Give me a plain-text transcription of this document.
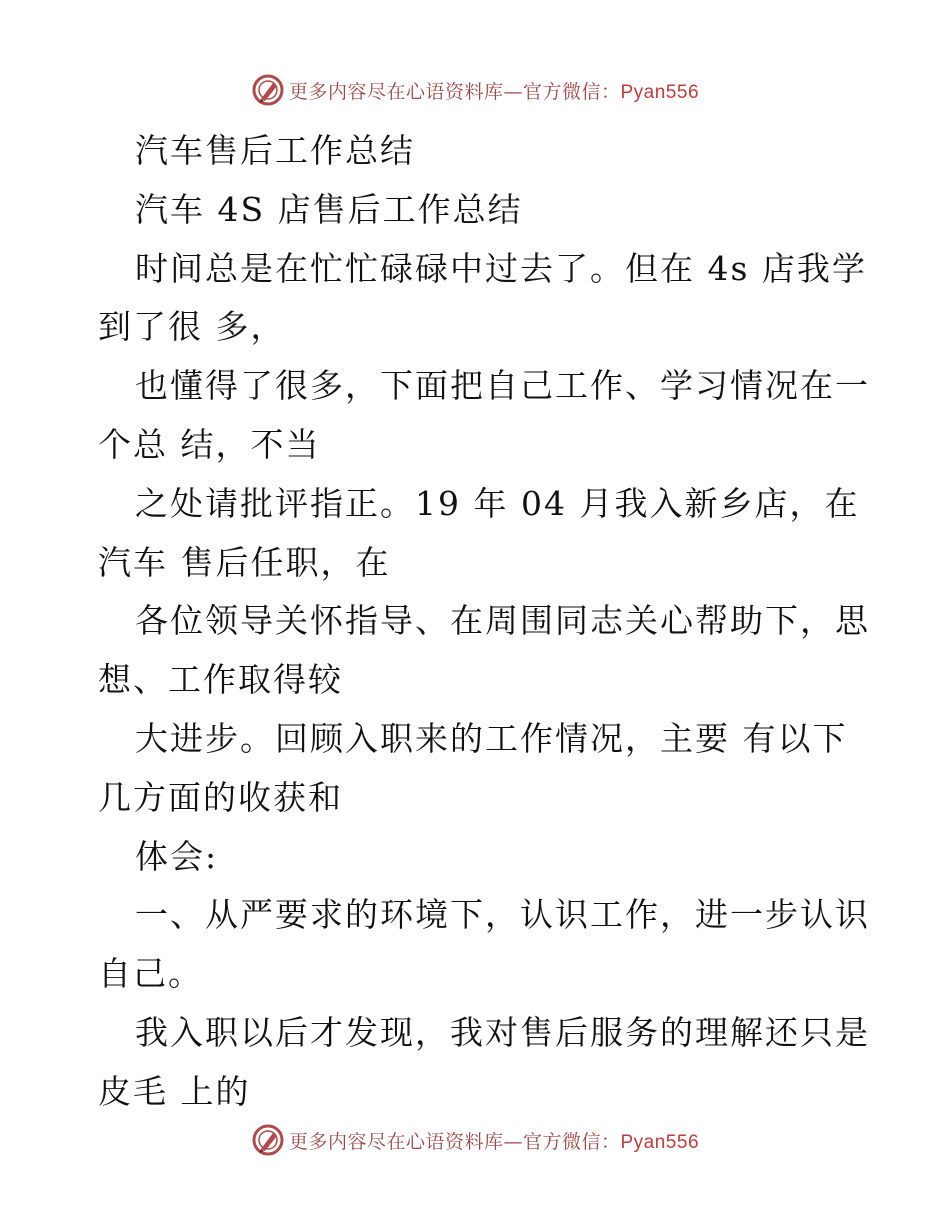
更多内容尽在心语资料库—官方微信：Pyan556
汽车售后工作总结
汽车 4S 店售后工作总结
时间总是在忙忙碌碌中过去了。但在 4s 店我学
到了很 多，
也懂得了很多，下面把自己工作、学习情况在一
个总 结，不当
之处请批评指正。19 年 04 月我入新乡店，在
汽车 售后任职，在
各位领导关怀指导、在周围同志关心帮助下，思
想、工作取得较
大进步。回顾入职来的工作情况，主要 有以下
几方面的收获和
体会:
一、从严要求的环境下，认识工作，进一步认识
自己。
我入职以后才发现，我对售后服务的理解还只是
皮毛 上的
更多内容尽在心语资料库—官方微信：Pyan556
